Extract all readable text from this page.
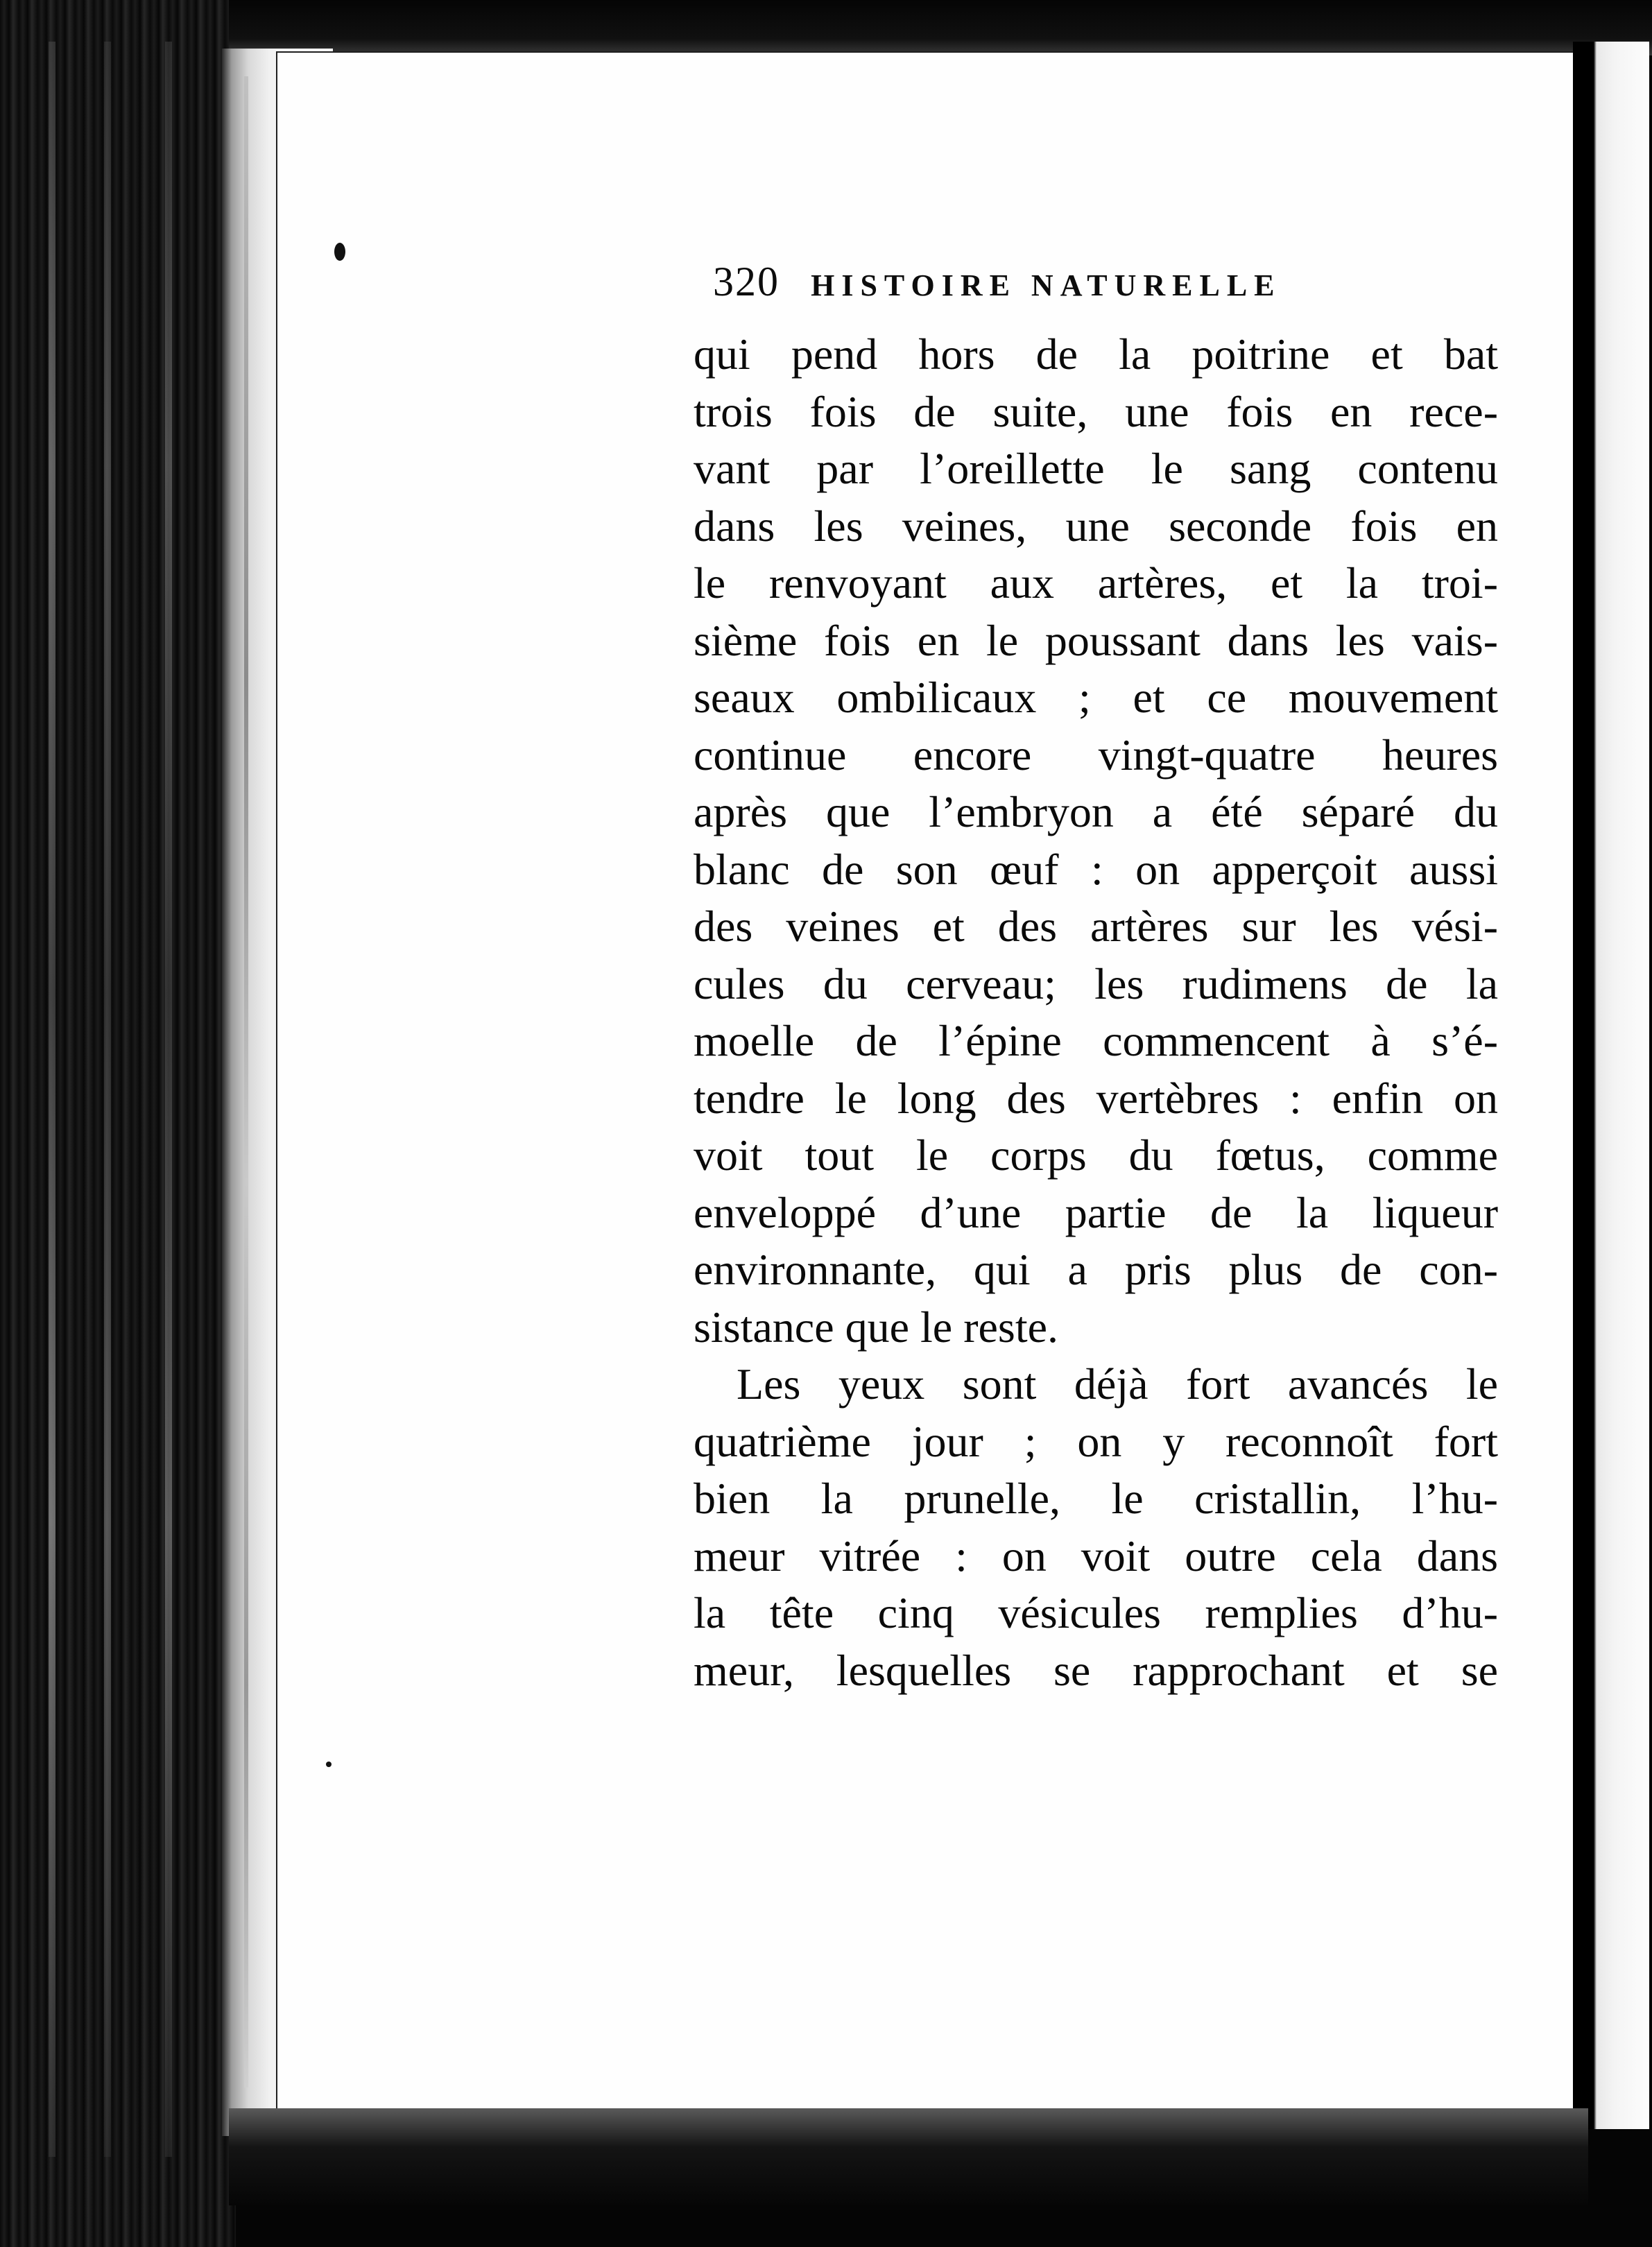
320 HISTOIRE NATURELLE
qui pend hors de la poitrine et bat
trois fois de suite, une fois en rece-
vant par l’oreillette le sang contenu
dans les veines, une seconde fois en
le renvoyant aux artères, et la troi-
sième fois en le poussant dans les vais-
seaux ombilicaux ; et ce mouvement
continue encore vingt-quatre heures
après que l’embryon a été séparé du
blanc de son œuf : on apperçoit aussi
des veines et des artères sur les vési-
cules du cerveau; les rudimens de la
moelle de l’épine commencent à s’é-
tendre le long des vertèbres : enfin on
voit tout le corps du fœtus, comme
enveloppé d’une partie de la liqueur
environnante, qui a pris plus de con-
sistance que le reste.
Les yeux sont déjà fort avancés le
quatrième jour ; on y reconnoît fort
bien la prunelle, le cristallin, l’hu-
meur vitrée : on voit outre cela dans
la tête cinq vésicules remplies d’hu-
meur, lesquelles se rapprochant et se
